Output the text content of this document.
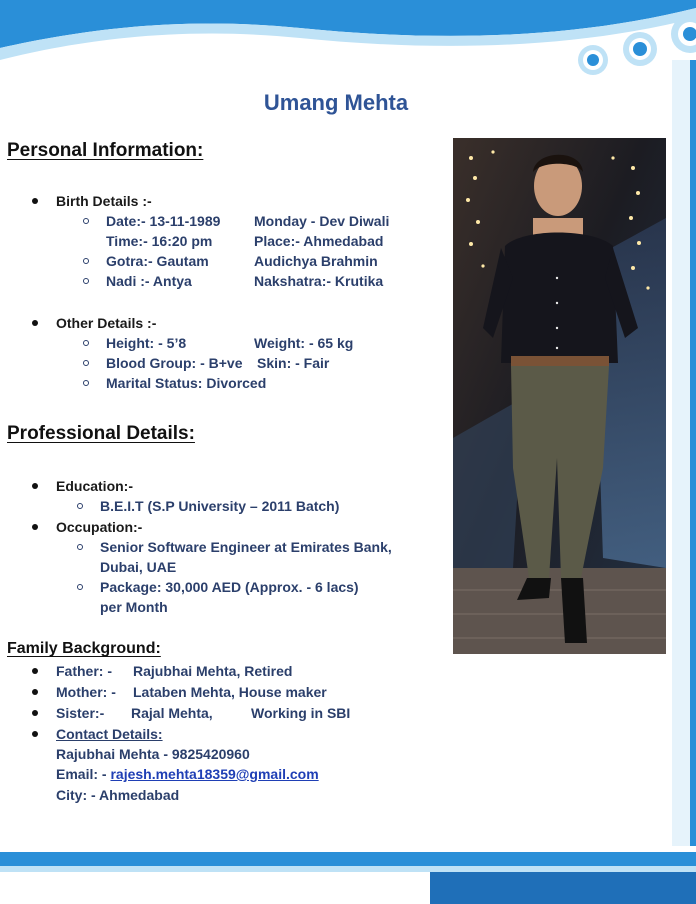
Umang Mehta
Personal Information:
Birth Details :-
Date:- 13-11-1989 Monday - Dev Diwali
Time:- 16:20 pm	Place:- Ahmedabad
Gotra:- Gautam	Audichya Brahmin
Nadi :- Antya	Nakshatra:- Krutika
Other Details :-
Height: - 5’8	Weight: - 65 kg
Blood Group: - B+ve Skin: - Fair
Marital Status: Divorced
Professional Details:
Education:-
B.E.I.T (S.P University – 2011 Batch)
Occupation:-
Senior Software Engineer at Emirates Bank,
Dubai, UAE
Package: 30,000 AED (Approx. - 6 lacs)
per Month
Family Background:
Father: - Rajubhai Mehta, Retired
Mother: - Lataben Mehta, House maker
Sister:- Rajal Mehta,	Working in SBI
Contact Details:
Rajubhai Mehta - 9825420960
Email: - rajesh.mehta18359@gmail.com
City: - Ahmedabad
